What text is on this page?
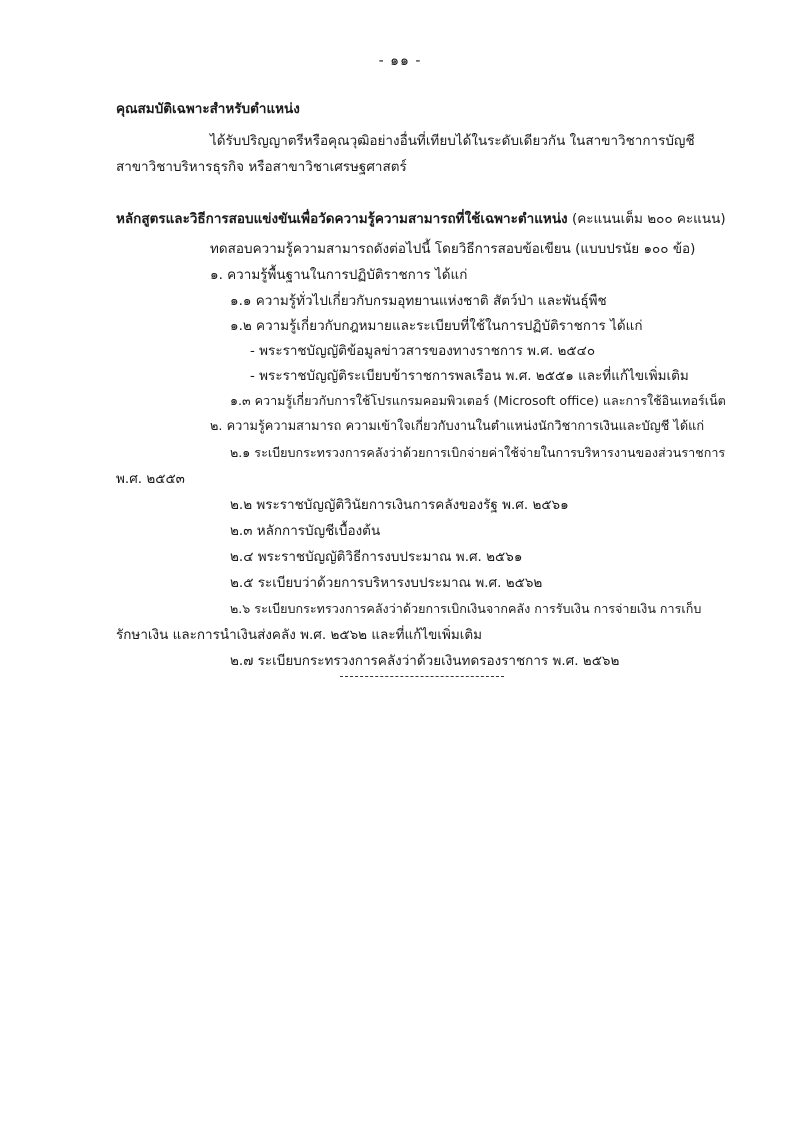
- ๑๑ -
คุณสมบัติเฉพาะสำหรับตำแหน่ง
ได้รับปริญญาตรีหรือคุณวุฒิอย่างอื่นที่เทียบได้ในระดับเดียวกัน ในสาขาวิชาการบัญชี
สาขาวิชาบริหารธุรกิจ หรือสาขาวิชาเศรษฐศาสตร์
หลักสูตรและวิธีการสอบแข่งขันเพื่อวัดความรู้ความสามารถที่ใช้เฉพาะตำแหน่ง (คะแนนเต็ม ๒๐๐ คะแนน)
ทดสอบความรู้ความสามารถดังต่อไปนี้ โดยวิธีการสอบข้อเขียน (แบบปรนัย ๑๐๐ ข้อ)
๑. ความรู้พื้นฐานในการปฏิบัติราชการ ได้แก่
๑.๑ ความรู้ทั่วไปเกี่ยวกับกรมอุทยานแห่งชาติ สัตว์ป่า และพันธุ์พืช
๑.๒ ความรู้เกี่ยวกับกฎหมายและระเบียบที่ใช้ในการปฏิบัติราชการ ได้แก่
- พระราชบัญญัติข้อมูลข่าวสารของทางราชการ พ.ศ. ๒๕๔๐
- พระราชบัญญัติระเบียบข้าราชการพลเรือน พ.ศ. ๒๕๕๑ และที่แก้ไขเพิ่มเติม
๑.๓ ความรู้เกี่ยวกับการใช้โปรแกรมคอมพิวเตอร์ (Microsoft office) และการใช้อินเทอร์เน็ต
๒. ความรู้ความสามารถ ความเข้าใจเกี่ยวกับงานในตำแหน่งนักวิชาการเงินและบัญชี ได้แก่
๒.๑ ระเบียบกระทรวงการคลังว่าด้วยการเบิกจ่ายค่าใช้จ่ายในการบริหารงานของส่วนราชการ
พ.ศ. ๒๕๕๓
๒.๒ พระราชบัญญัติวินัยการเงินการคลังของรัฐ พ.ศ. ๒๕๖๑
๒.๓ หลักการบัญชีเบื้องต้น
๒.๔ พระราชบัญญัติวิธีการงบประมาณ พ.ศ. ๒๕๖๑
๒.๕ ระเบียบว่าด้วยการบริหารงบประมาณ พ.ศ. ๒๕๖๒
๒.๖ ระเบียบกระทรวงการคลังว่าด้วยการเบิกเงินจากคลัง การรับเงิน การจ่ายเงิน การเก็บ
รักษาเงิน และการนำเงินส่งคลัง พ.ศ. ๒๕๖๒ และที่แก้ไขเพิ่มเติม
๒.๗ ระเบียบกระทรวงการคลังว่าด้วยเงินทดรองราชการ พ.ศ. ๒๕๖๒
